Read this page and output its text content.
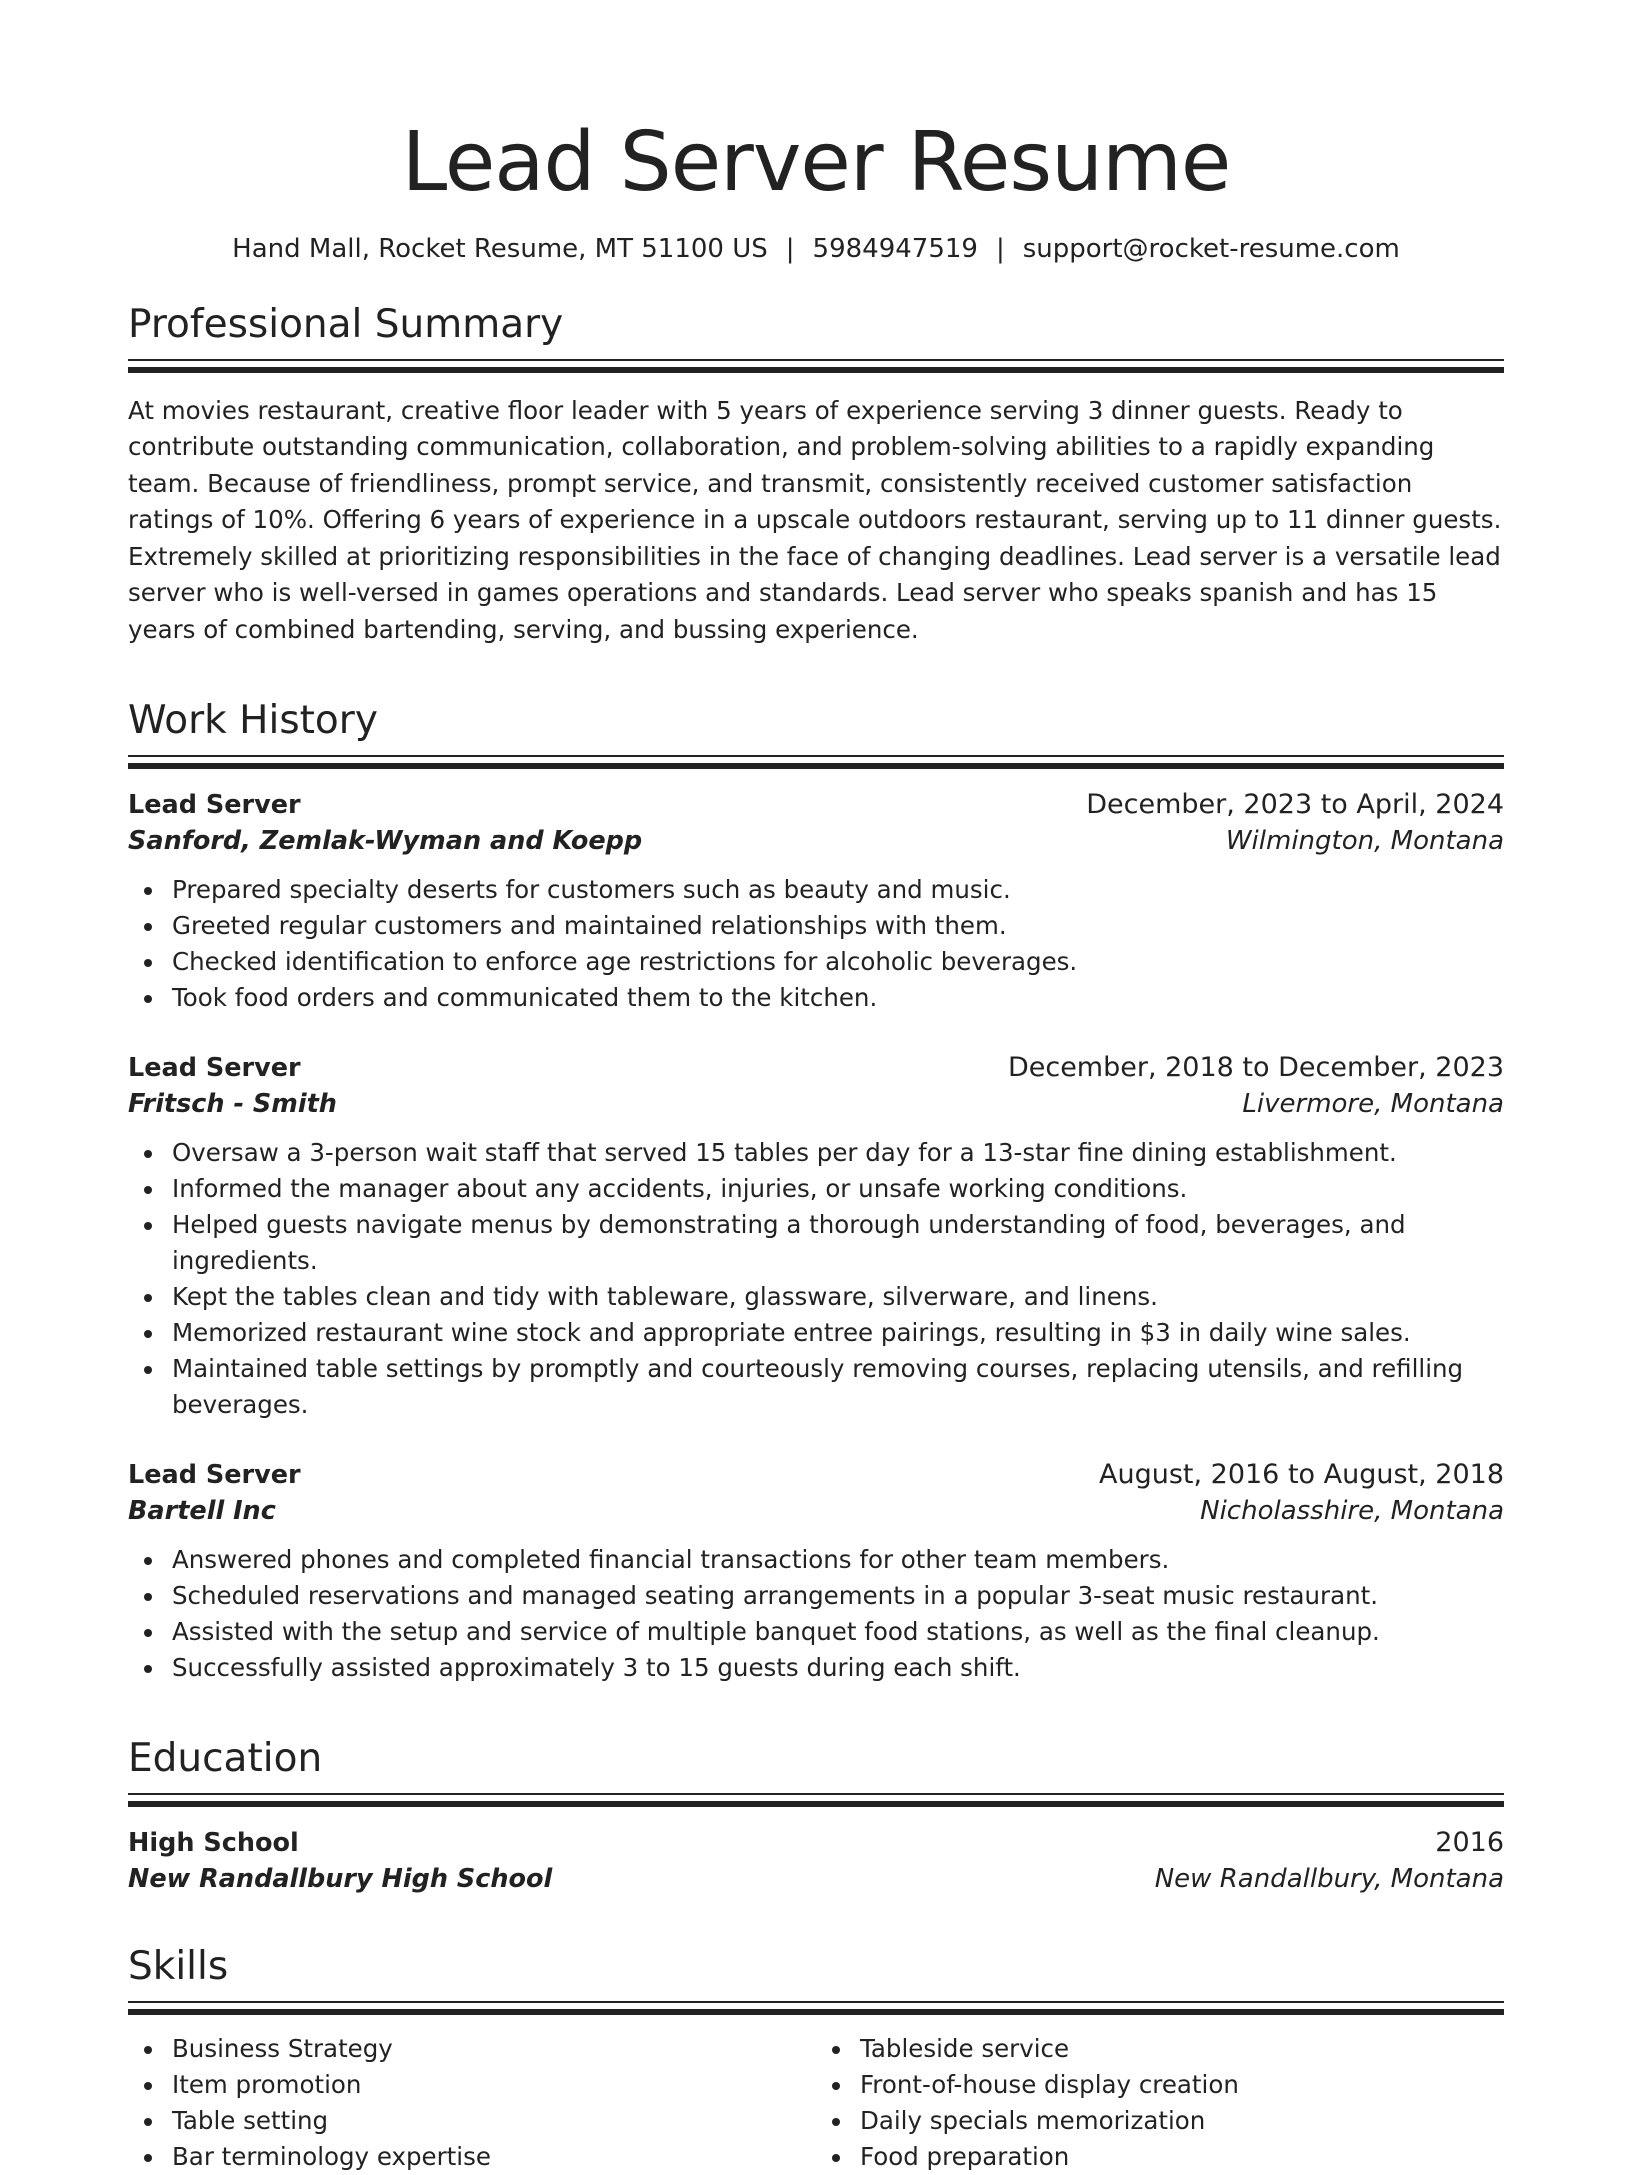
Lead Server Resume
Hand Mall, Rocket Resume, MT 51100 US | 5984947519 | support@rocket-resume.com
Professional Summary

At movies restaurant, creative floor leader with 5 years of experience serving 3 dinner guests. Ready to contribute outstanding communication, collaboration, and problem-solving abilities to a rapidly expanding team. Because of friendliness, prompt service, and transmit, consistently received customer satisfaction ratings of 10%. Offering 6 years of experience in a upscale outdoors restaurant, serving up to 11 dinner guests. Extremely skilled at prioritizing responsibilities in the face of changing deadlines. Lead server is a versatile lead server who is well-versed in games operations and standards. Lead server who speaks spanish and has 15 years of combined bartending, serving, and bussing experience.

Work History
Lead Server	December, 2023 to April, 2024
Sanford, Zemlak-Wyman and Koepp	Wilmington, Montana
Prepared specialty deserts for customers such as beauty and music.
Greeted regular customers and maintained relationships with them.
Checked identification to enforce age restrictions for alcoholic beverages.
Took food orders and communicated them to the kitchen.
Lead Server	December, 2018 to December, 2023
Fritsch - Smith	Livermore, Montana
Oversaw a 3-person wait staff that served 15 tables per day for a 13-star fine dining establishment.
Informed the manager about any accidents, injuries, or unsafe working conditions.
Helped guests navigate menus by demonstrating a thorough understanding of food, beverages, and ingredients.
Kept the tables clean and tidy with tableware, glassware, silverware, and linens.
Memorized restaurant wine stock and appropriate entree pairings, resulting in $3 in daily wine sales.
Maintained table settings by promptly and courteously removing courses, replacing utensils, and refilling beverages.
Lead Server	August, 2016 to August, 2018
Bartell Inc	Nicholasshire, Montana
Answered phones and completed financial transactions for other team members.
Scheduled reservations and managed seating arrangements in a popular 3-seat music restaurant.
Assisted with the setup and service of multiple banquet food stations, as well as the final cleanup.
Successfully assisted approximately 3 to 15 guests during each shift.
Education
High School	2016
New Randallbury High School	New Randallbury, Montana
Skills
Business Strategy
Item promotion
Table setting
Bar terminology expertise
Tableside service
Front-of-house display creation
Daily specials memorization
Food preparation
